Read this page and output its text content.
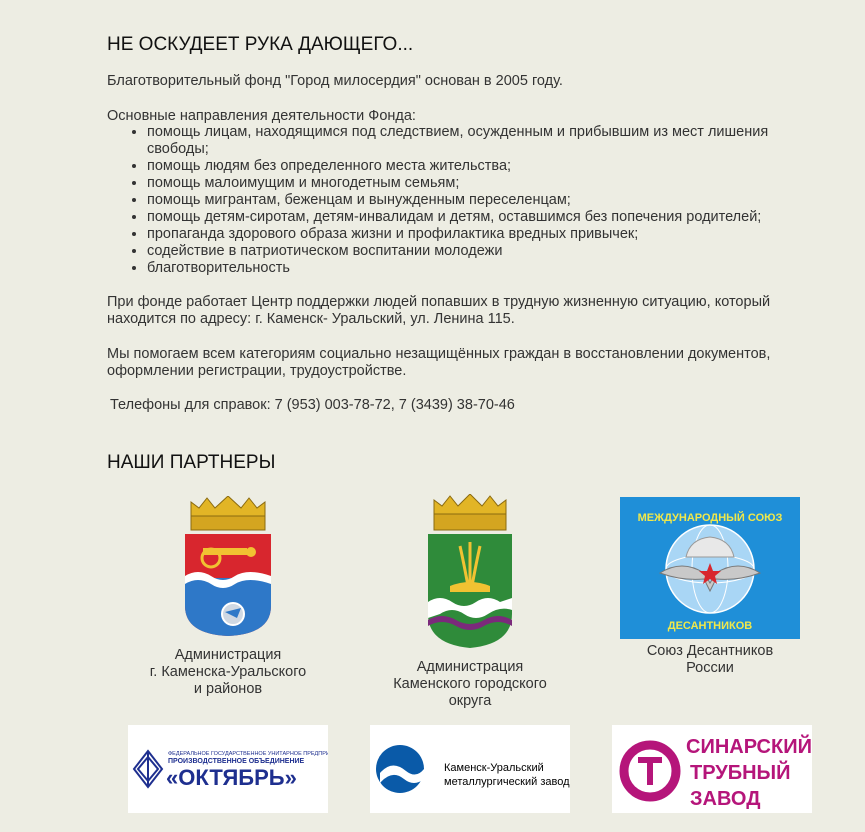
НЕ ОСКУДЕЕТ РУКА ДАЮЩЕГО...

Благотворительный фонд "Город милосердия" основан в 2005 году.

Основные направления деятельности Фонда:

• помощь лицам, находящимся под следствием, осужденным и прибывшим из мест лишения свободы;
• помощь людям без определенного места жительства;
• помощь малоимущим и многодетным семьям;
• помощь мигрантам, беженцам и вынужденным переселенцам;
• помощь детям-сиротам, детям-инвалидам и детям, оставшимся без попечения родителей;
• пропаганда здорового образа жизни и профилактика вредных привычек;
• содействие в патриотическом воспитании молодежи
• благотворительность

При фонде работает Центр поддержки людей попавших в трудную жизненную ситуацию, который находится по адресу: г. Каменск- Уральский, ул. Ленина 115.

Мы помогаем всем категориям социально незащищённых граждан в восстановлении документов, оформлении регистрации, трудоустройстве.

Телефоны для справок: 7 (953) 003-78-72, 7 (3439) 38-70-46

НАШИ ПАРТНЕРЫ
Администрация
г. Каменска-Уральского
и районов
Администрация
Каменского городского
округа
МЕЖДУНАРОДНЫЙ СОЮЗ
ДЕСАНТНИКОВ
Союз Десантников
России
ФЕДЕРАЛЬНОЕ ГОСУДАРСТВЕННОЕ УНИТАРНОЕ ПРЕДПРИЯТИЕ
ПРОИЗВОДСТВЕННОЕ ОБЪЕДИНЕНИЕ
«ОКТЯБРЬ»	Каменск-Уральский
металлургический завод
СИНАРСКИЙ
ТРУБНЫЙ
ЗАВОД
